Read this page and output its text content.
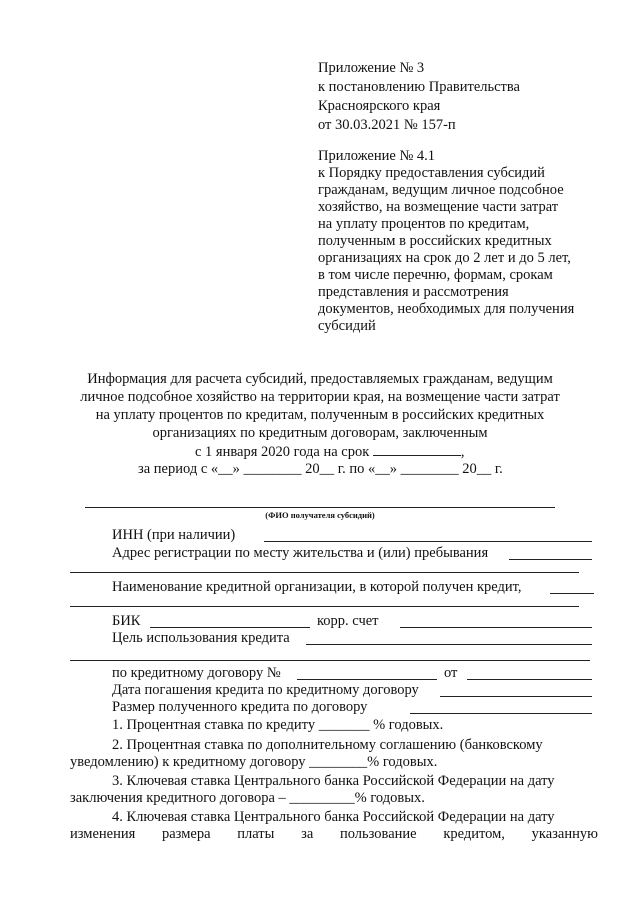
Приложение № 3
к постановлению Правительства
Красноярского края
от 30.03.2021 № 157-п
Приложение № 4.1
к Порядку предоставления субсидий
гражданам, ведущим личное подсобное
хозяйство, на возмещение части затрат
на уплату процентов по кредитам,
полученным в российских кредитных
организациях на срок до 2 лет и до 5 лет,
в том числе перечню, формам, срокам
представления и рассмотрения
документов, необходимых для получения
субсидий
Информация для расчета субсидий, предоставляемых гражданам, ведущим
личное подсобное хозяйство на территории края, на возмещение части затрат
на уплату процентов по кредитам, полученным в российских кредитных
организациях по кредитным договорам, заключенным
с 1 января 2020 года на срок	,
за период с «__» ________ 20__ г. по «__» ________ 20__ г.
(ФИО получателя субсидий)
ИНН (при наличии)
Адрес регистрации по месту жительства и (или) пребывания
Наименование кредитной организации, в которой получен кредит,
БИК	корр. счет
Цель использования кредита
по кредитному договору №	от
Дата погашения кредита по кредитному договору
Размер полученного кредита по договору
1. Процентная ставка по кредиту _______ % годовых.
2. Процентная ставка по дополнительному соглашению (банковскому
уведомлению) к кредитному договору ________% годовых.
3. Ключевая ставка Центрального банка Российской Федерации на дату
заключения кредитного договора – _________% годовых.
4. Ключевая ставка Центрального банка Российской Федерации на дату
изменения размера платы за пользование кредитом, указанную
